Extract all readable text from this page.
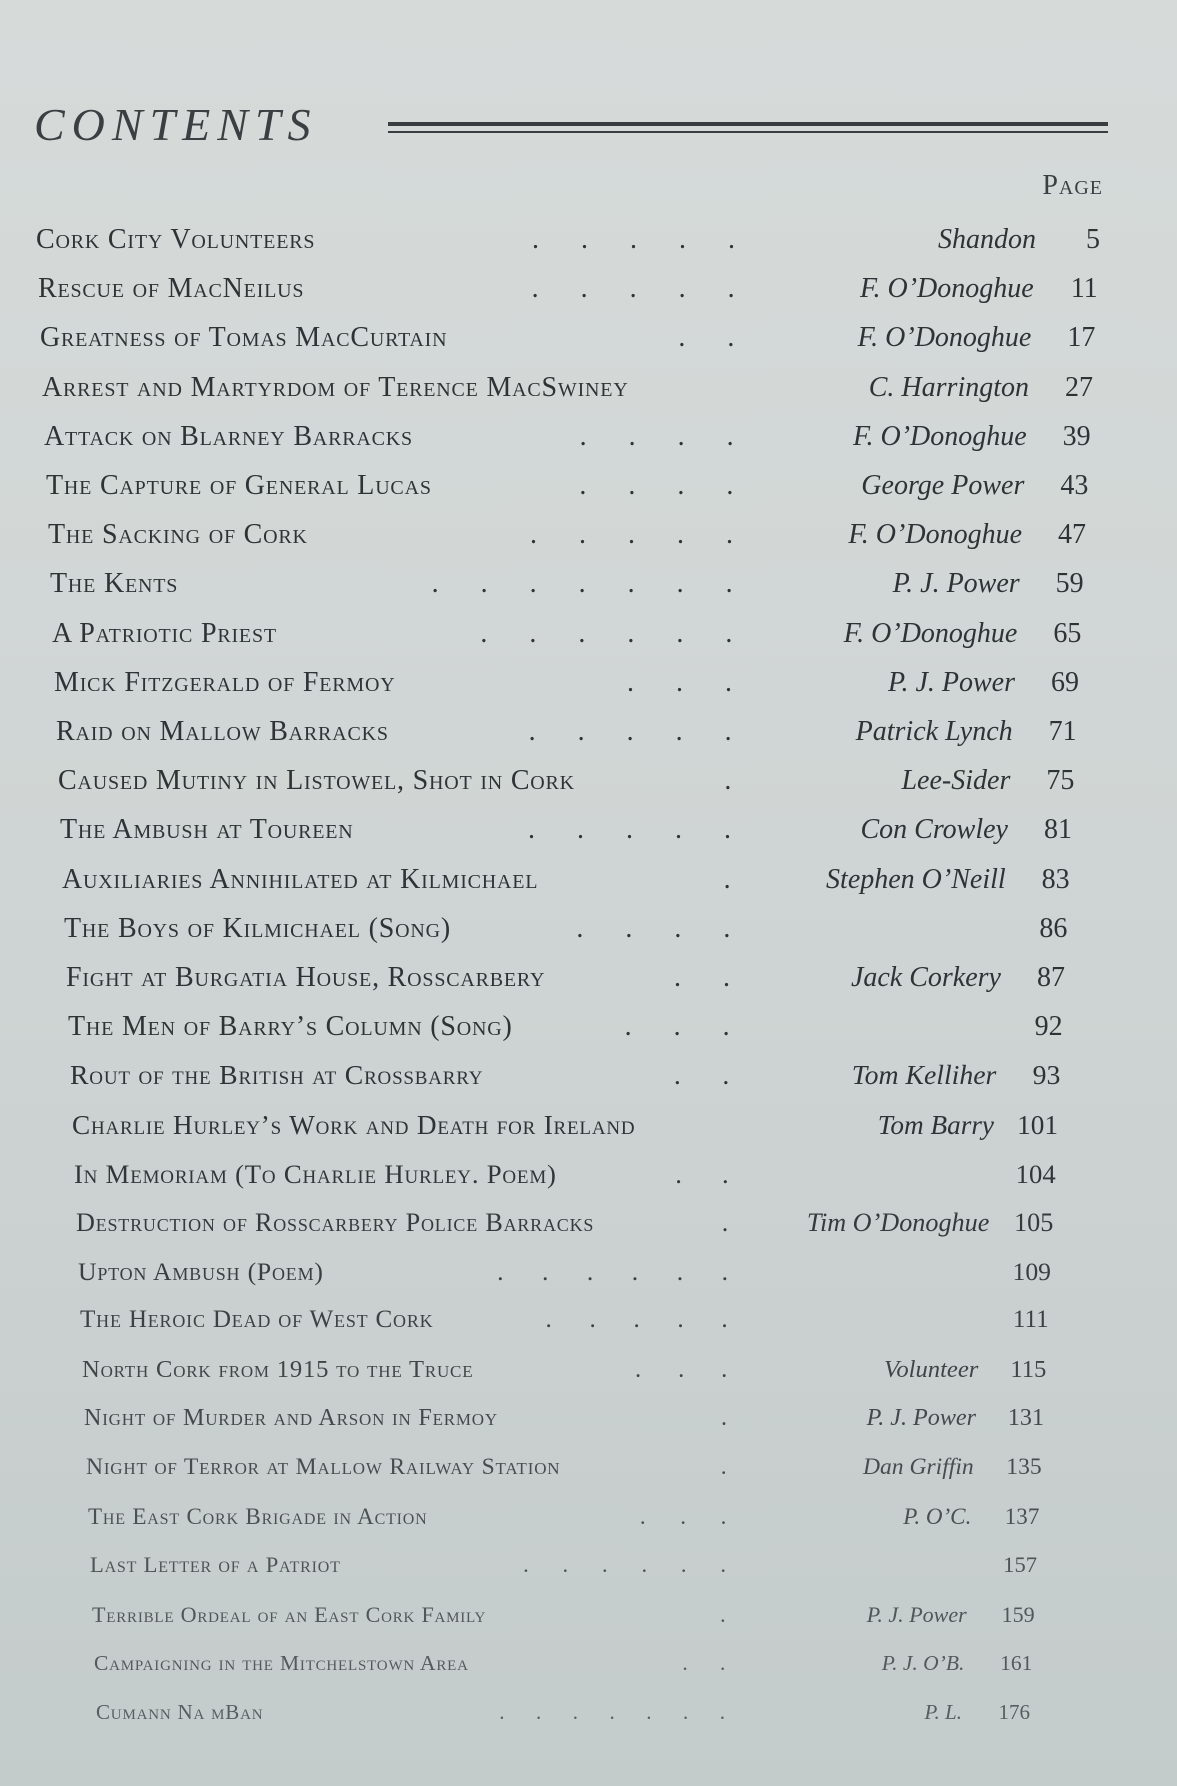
CONTENTS
Page
Cork City Volunteers	.      .      .      .      .	Shandon	5
Rescue of MacNeilus	.      .      .      .      .	F. O’Donoghue	11
Greatness of Tomas MacCurtain	.      .	F. O’Donoghue	17
Arrest and Martyrdom of Terence MacSwiney	C. Harrington	27
Attack on Blarney Barracks	.      .      .      .	F. O’Donoghue	39
The Capture of General Lucas	.      .      .      .	George Power	43
The Sacking of Cork	.      .      .      .      .	F. O’Donoghue	47
The Kents	.      .      .      .      .      .      .	P. J. Power	59
A Patriotic Priest	.      .      .      .      .      .	F. O’Donoghue	65
Mick Fitzgerald of Fermoy	.      .      .	P. J. Power	69
Raid on Mallow Barracks	.      .      .      .      .	Patrick Lynch	71
Caused Mutiny in Listowel, Shot in Cork	.	Lee-Sider	75
The Ambush at Toureen	.      .      .      .      .	Con Crowley	81
Auxiliaries Annihilated at Kilmichael	.	Stephen O’Neill	83
The Boys of Kilmichael (Song)	.      .      .      .	86
Fight at Burgatia House, Rosscarbery	.      .	Jack Corkery	87
The Men of Barry’s Column (Song)	.      .      .	92
Rout of the British at Crossbarry	.      .	Tom Kelliher	93
Charlie Hurley’s Work and Death for Ireland	Tom Barry 101
In Memoriam (To Charlie Hurley. Poem)	.      .	104
Destruction of Rosscarbery Police Barracks	.	Tim O’Donoghue 105
Upton Ambush (Poem)	.      .      .      .      .      .	109
The Heroic Dead of West Cork	.      .      .      .      .	111
North Cork from 1915 to the Truce	.      .      .	Volunteer	115
Night of Murder and Arson in Fermoy	.	P. J. Power	131
Night of Terror at Mallow Railway Station	.	Dan Griffin	135
The East Cork Brigade in Action	.      .      .	P. O’C.	137
Last Letter of a Patriot	.      .      .      .      .      .	157
Terrible Ordeal of an East Cork Family	.	P. J. Power	159
Campaigning in the Mitchelstown Area	.      .	P. J. O’B.	161
Cumann Na mBan	.      .      .      .      .      .      .	P. L.	176
